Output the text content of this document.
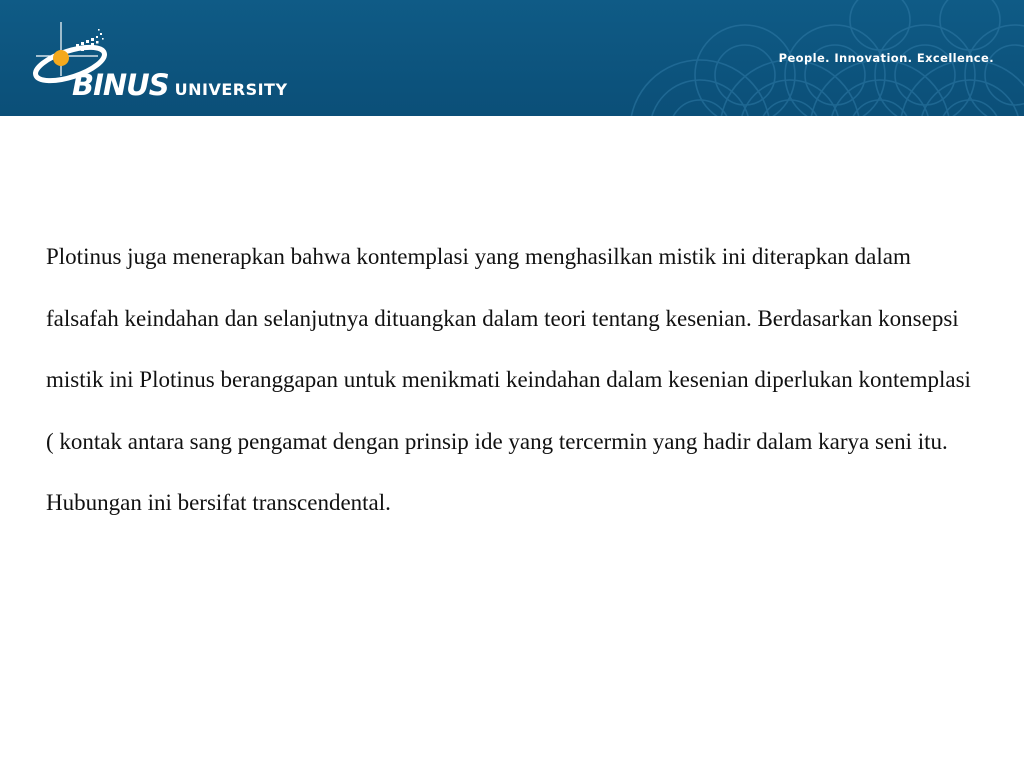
BINUS UNIVERSITY
People. Innovation. Excellence.

Plotinus juga menerapkan bahwa kontemplasi yang menghasilkan mistik ini diterapkan dalam falsafah keindahan dan selanjutnya dituangkan dalam teori tentang kesenian. Berdasarkan konsepsi mistik ini Plotinus beranggapan untuk menikmati keindahan dalam kesenian diperlukan kontemplasi ( kontak antara sang pengamat dengan prinsip ide yang tercermin yang hadir dalam karya seni itu. Hubungan ini bersifat transcendental.
